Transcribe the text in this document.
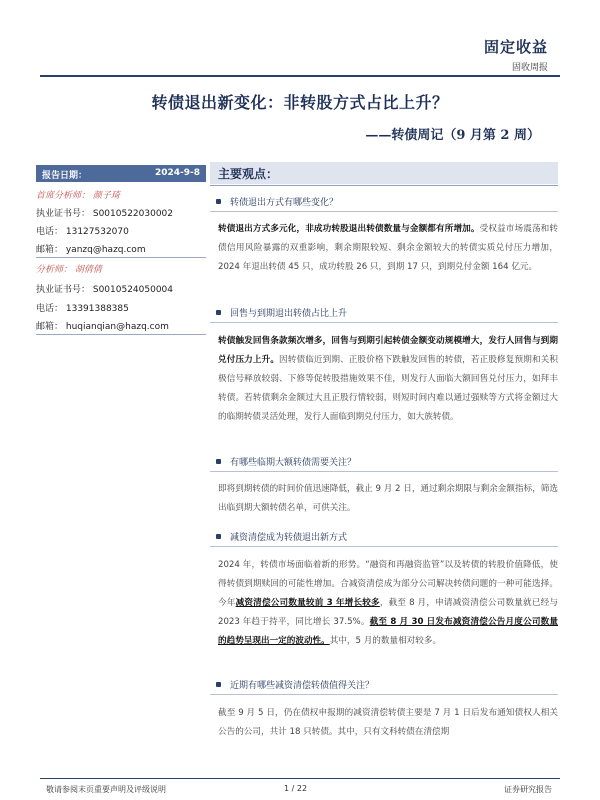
固定收益
固收周报
转债退出新变化：非转股方式占比上升？
——转债周记（9 月第 2 周）
报告日期：	2024-9-8
首席分析师： 颜子琦
执业证书号： S0010522030002
电话： 13127532070
邮箱： yanzq@hazq.com
分析师： 胡倩倩
执业证书号： S0010524050004
电话： 13391388385
邮箱： huqianqian@hazq.com
主要观点：
转债退出方式有哪些变化？
转债退出方式多元化，非成功转股退出转债数量与金额都有所增加。受权益市场震荡和转债信用风险暴露的双重影响，剩余期限较短、剩余金额较大的转债实质兑付压力增加，2024 年退出转债 45 只，成功转股 26 只，到期 17 只，到期兑付金额 164 亿元。
回售与到期退出转债占比上升
转债触发回售条款频次增多，回售与到期引起转债金额变动规模增大，发行人回售与到期兑付压力上升。因转债临近到期、正股价格下跌触发回售的转债，若正股修复预期和关积极信号释放较弱、下修等促转股措施效果不佳，则发行人面临大额回售兑付压力，如拜丰转债。若转债剩余金额过大且正股行情较弱，则短时间内难以通过强赎等方式将金额过大的临期转债灵活处理，发行人面临到期兑付压力，如大族转债。
有哪些临期大额转债需要关注？
即将到期转债的时间价值迅速降低，截止 9 月 2 日，通过剩余期限与剩余金额指标，筛选出临到期大额转债名单，可供关注。
减资清偿成为转债退出新方式
2024 年，转债市场面临着新的形势。“融资和再融资监管”以及转债的转股价值降低，使得转债到期赎回的可能性增加。合减资清偿成为部分公司解决转债问题的一种可能选择。今年减资清偿公司数量较前 3 年增长较多，截至 8 月，申请减资清偿公司数量就已经与 2023 年趋于持平，同比增长 37.5%。截至 8 月 30 日发布减资清偿公告月度公司数量的趋势呈现出一定的波动性。其中，5 月的数量相对较多。
近期有哪些减资清偿转债值得关注？
截至 9 月 5 日，仍在债权申报期的减资清偿转债主要是 7 月 1 日后发布通知债权人相关公告的公司，共计 18 只转债。其中，只有文科转债在清偿期
敬请参阅末页重要声明及评级说明	1 / 22	证券研究报告
